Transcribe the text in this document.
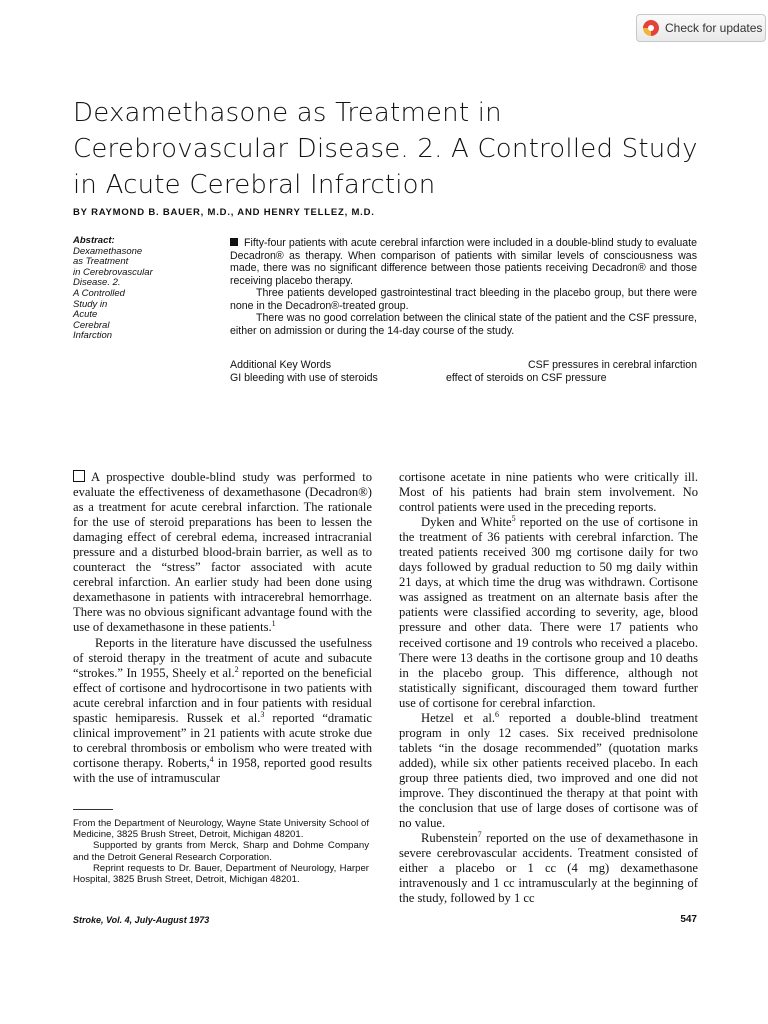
Check for updates
Dexamethasone as Treatment in Cerebrovascular Disease. 2. A Controlled Study in Acute Cerebral Infarction
BY RAYMOND B. BAUER, M.D., AND HENRY TELLEZ, M.D.
Abstract:
Dexamethasone
as Treatment
in Cerebrovascular
Disease. 2.
A Controlled
Study in
Acute
Cerebral
Infarction

Fifty-four patients with acute cerebral infarction were included in a double-blind study to evaluate Decadron® as therapy. When comparison of patients with similar levels of consciousness was made, there was no significant difference between those patients receiving Decadron® and those receiving placebo therapy.

Three patients developed gastrointestinal tract bleeding in the placebo group, but there were none in the Decadron®-treated group.

There was no good correlation between the clinical state of the patient and the CSF pressure, either on admission or during the 14-day course of the study.

Additional Key Words	CSF pressures in cerebral infarction
GI bleeding with use of steroids	effect of steroids on CSF pressure

A prospective double-blind study was performed to evaluate the effectiveness of dexamethasone (Decadron®) as a treatment for acute cerebral infarction. The rationale for the use of steroid preparations has been to lessen the damaging effect of cerebral edema, increased intracranial pressure and a disturbed blood-brain barrier, as well as to counteract the “stress” factor associated with acute cerebral infarction. An earlier study had been done using dexamethasone in patients with intracerebral hemorrhage. There was no obvious significant advantage found with the use of dexamethasone in these patients.$^1$

Reports in the literature have discussed the usefulness of steroid therapy in the treatment of acute and subacute “strokes.” In 1955, Sheely et al.$^2$ reported on the beneficial effect of cortisone and hydrocortisone in two patients with acute cerebral infarction and in four patients with residual spastic hemiparesis. Russek et al.$^3$ reported “dramatic clinical improvement” in 21 patients with acute stroke due to cerebral thrombosis or embolism who were treated with cortisone therapy. Roberts,$^4$ in 1958, reported good results with the use of intramuscular

cortisone acetate in nine patients who were critically ill. Most of his patients had brain stem involvement. No control patients were used in the preceding reports.

Dyken and White$^5$ reported on the use of cortisone in the treatment of 36 patients with cerebral infarction. The treated patients received 300 mg cortisone daily for two days followed by gradual reduction to 50 mg daily within 21 days, at which time the drug was withdrawn. Cortisone was assigned as treatment on an alternate basis after the patients were classified according to severity, age, blood pressure and other data. There were 17 patients who received cortisone and 19 controls who received a placebo. There were 13 deaths in the cortisone group and 10 deaths in the placebo group. This difference, although not statistically significant, discouraged them toward further use of cortisone for cerebral infarction.

Hetzel et al.$^6$ reported a double-blind treatment program in only 12 cases. Six received prednisolone tablets “in the dosage recommended” (quotation marks added), while six other patients received placebo. In each group three patients died, two improved and one did not improve. They discontinued the therapy at that point with the conclusion that use of large doses of cortisone was of no value.

Rubenstein$^7$ reported on the use of dexamethasone in severe cerebrovascular accidents. Treatment consisted of either a placebo or 1 cc (4 mg) dexamethasone intravenously and 1 cc intramuscularly at the beginning of the study, followed by 1 cc

From the Department of Neurology, Wayne State University School of Medicine, 3825 Brush Street, Detroit, Michigan 48201.

Supported by grants from Merck, Sharp and Dohme Company and the Detroit General Research Corporation.

Reprint requests to Dr. Bauer, Department of Neurology, Harper Hospital, 3825 Brush Street, Detroit, Michigan 48201.

Stroke, Vol. 4, July-August 1973	547
